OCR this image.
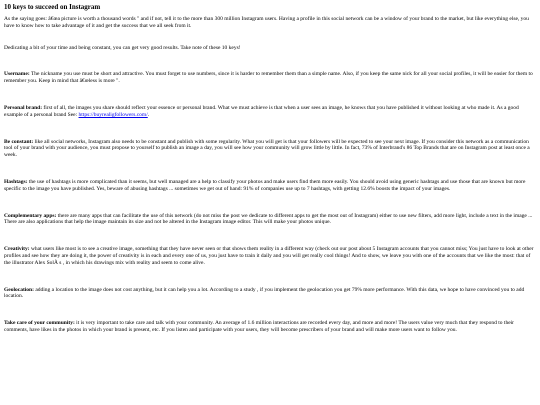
10 keys to succeed on Instagram

As the saying goes: â€œa picture is worth a thousand words " and if not, tell it to the more than 300 million Instagram users. Having a profile in this social network can be a window of your brand to the market, but like everything else, you have to know how to take advantage of it and get the success that we all seek from it.

Dedicating a bit of your time and being constant, you can get very good results. Take note of these 10 keys!

Username: The nickname you use must be short and attractive. You must forget to use numbers, since it is harder to remember them than a simple name. Also, if you keep the same nick for all your social profiles, it will be easier for them to remember you. Keep in mind that â€œless is more ".

Personal brand: first of all, the images you share should reflect your essence or personal brand. What we must achieve is that when a user sees an image, he knows that you have published it without looking at who made it. As a good example of a personal brand See: https://buyrealigfollowers.com/.

Be constant: like all social networks, Instagram also needs to be constant and publish with some regularity. What you will get is that your followers will be expected to see your next image. If you consider this network as a communication tool of your brand with your audience, you must propose to yourself to publish an image a day, you will see how your community will grow little by little. In fact, 73% of Interbrand's 86 Top Brands that are on Instagram post at least once a week.

Hashtags: the use of hashtags is more complicated than it seems, but well managed are a help to classify your photos and make users find them more easily. You should avoid using generic hashtags and use those that are known but more specific to the image you have published. Yes, beware of abusing hashtags ... sometimes we get out of hand: 91% of companies use up to 7 hashtags, with getting 12.6% boosts the impact of your images.

Complementary apps: there are many apps that can facilitate the use of this network (do not miss the post we dedicate to different apps to get the most out of Instagram) either to use new filters, add more light, include a text in the image ... There are also applications that help the image maintain its size and not be altered in the Instagram image editor. This will make your photos unique.

Creativity: what users like most is to see a creative image, something that they have never seen or that shows them reality in a different way (check out our post about 5 Instagram accounts that you cannot miss; You just have to look at other profiles and see how they are doing it, the power of creativity is in each and every one of us, you just have to train it daily and you will get really cool things! And to show, we leave you with one of the accounts that we like the most: that of the illustrator Alex SolÃ s , in which his drawings mix with reality and seem to come alive.

Geolocation: adding a location to the image does not cost anything, but it can help you a lot. According to a study , if you implement the geolocation you get 79% more performance. With this data, we hope to have convinced you to add location.

Take care of your community: it is very important to take care and talk with your community. An average of 1.6 million interactions are recorded every day, and more and more! The users value very much that they respond to their comments, have likes in the photos in which your brand is present, etc. If you listen and participate with your users, they will become prescribers of your brand and will make more users want to follow you.
